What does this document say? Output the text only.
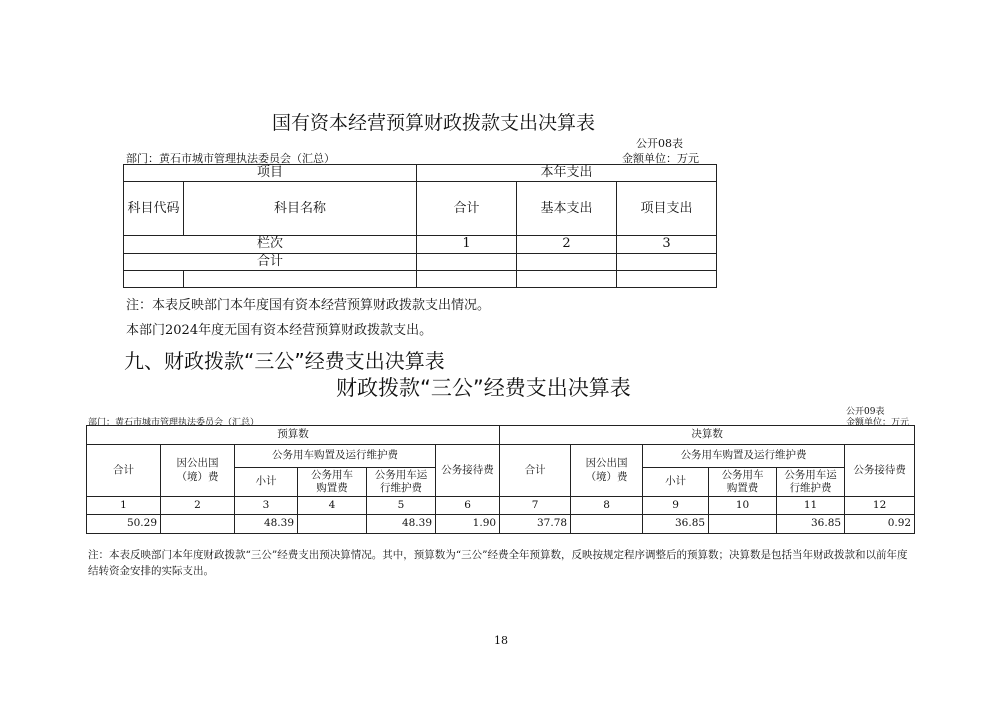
国有资本经营预算财政拨款支出决算表
公开08表
部门：黄石市城市管理执法委员会（汇总）	金额单位：万元
项目		本年支出		
科目代码	科目名称	合计	基本支出	项目支出
栏次		1	2	3
合计				

注：本表反映部门本年度国有资本经营预算财政拨款支出情况。
本部门2024年度无国有资本经营预算财政拨款支出。
九、财政拨款“三公”经费支出决算表
财政拨款“三公”经费支出决算表
公开09表
部门：黄石市城市管理执法委员会（汇总）	金额单位：万元
预算数						决算数					
合计	因公出国（境）费	公务用车购置及运行维护费			公务接待费	合计	因公出国（境）费	公务用车购置及运行维护费			公务接待费
		小计	公务用车购置费	公务用车运行维护费				小计	公务用车购置费	公务用车运行维护费	
1	2	3	4	5	6	7	8	9	10	11	12
50.29		48.39		48.39	1.90	37.78		36.85		36.85	0.92
注：本表反映部门本年度财政拨款“三公”经费支出预决算情况。其中，预算数为“三公”经费全年预算数，反映按规定程序调整后的预算数；决算数是包括当年财政拨款和以前年度结转资金安排的实际支出。
18
